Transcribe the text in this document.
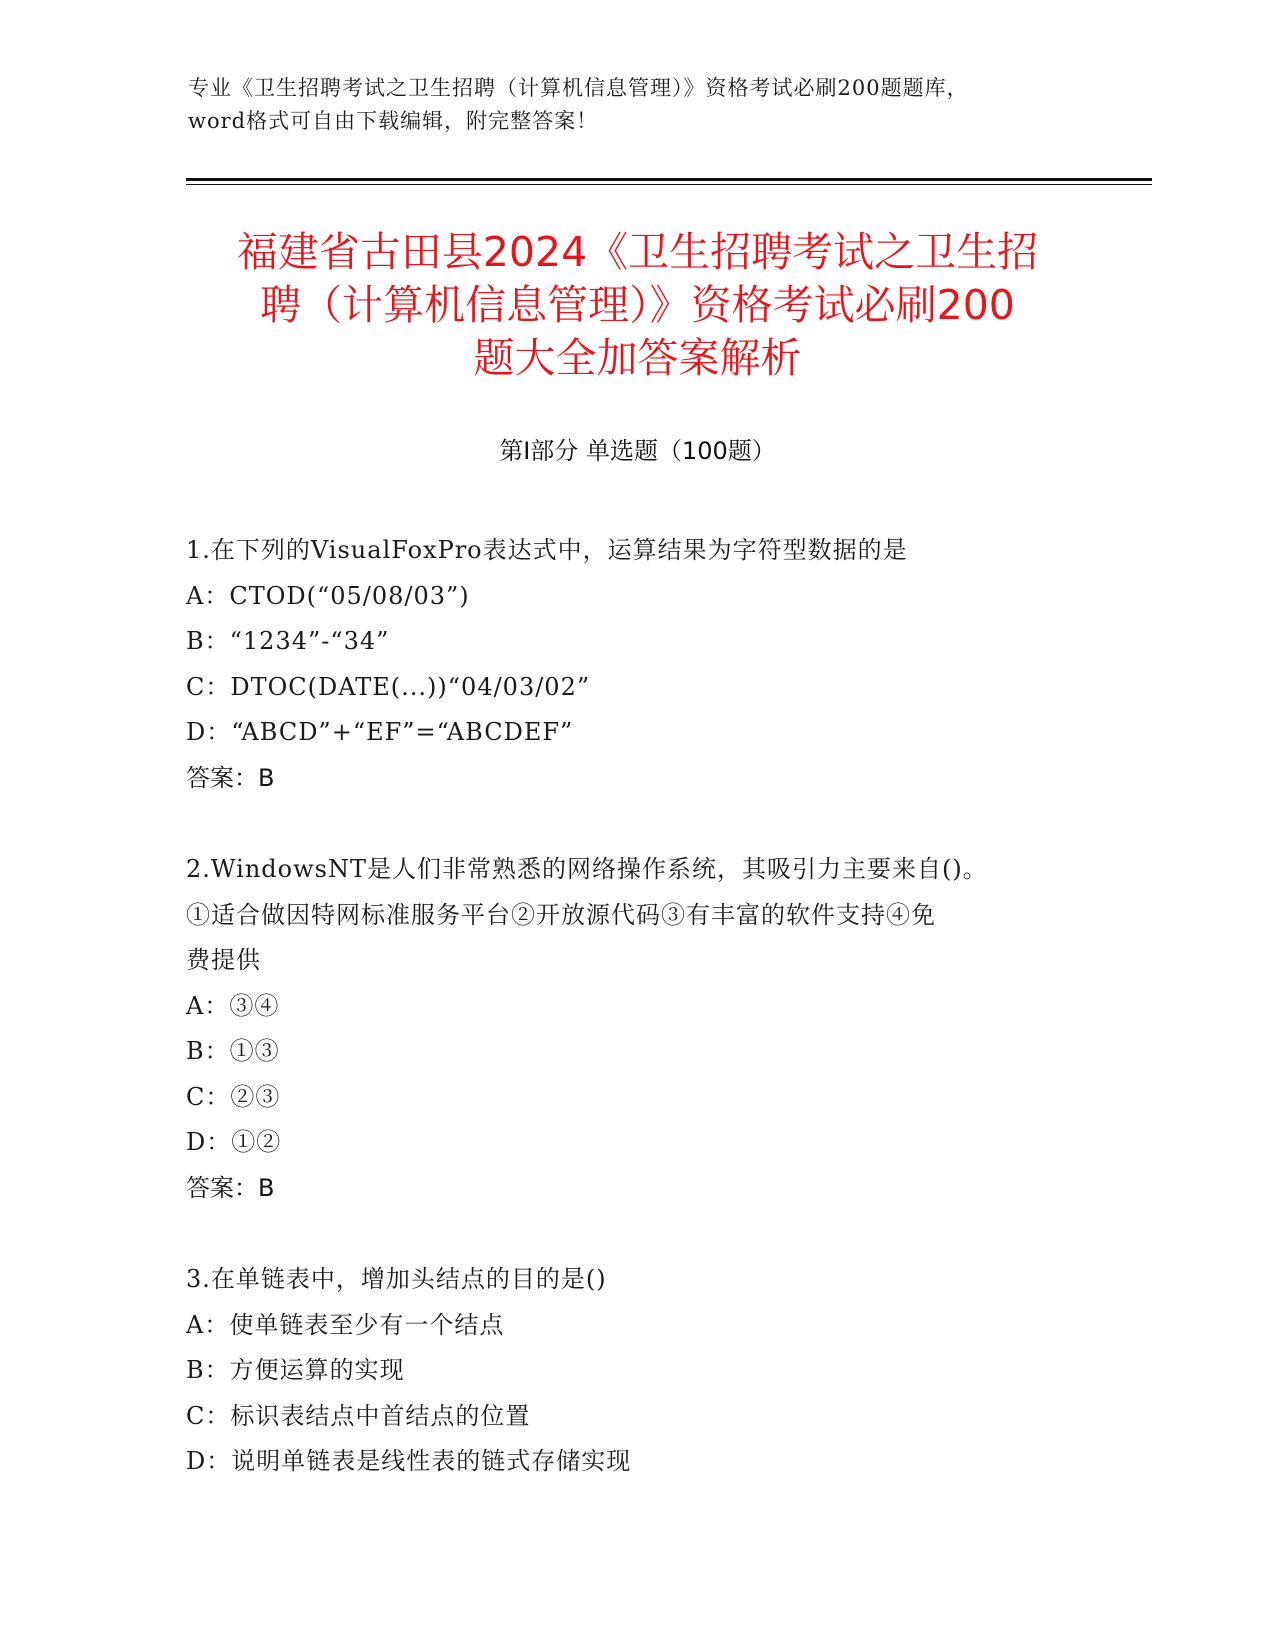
专业《卫生招聘考试之卫生招聘（计算机信息管理）》资格考试必刷200题题库，
word格式可自由下载编辑，附完整答案！
福建省古田县2024《卫生招聘考试之卫生招
聘（计算机信息管理）》资格考试必刷200
题大全加答案解析
第Ⅰ部分 单选题（100题）
1.在下列的VisualFoxPro表达式中，运算结果为字符型数据的是
A：CTOD(“05/08/03”)
B：“1234”-“34”
C：DTOC(DATE(...))“04/03/02”
D：“ABCD”+“EF”=“ABCDEF”
答案：B
2.WindowsNT是人们非常熟悉的网络操作系统，其吸引力主要来自()。
①适合做因特网标准服务平台②开放源代码③有丰富的软件支持④免
费提供
A：③④
B：①③
C：②③
D：①②
答案：B
3.在单链表中，增加头结点的目的是()
A：使单链表至少有一个结点
B：方便运算的实现
C：标识表结点中首结点的位置
D：说明单链表是线性表的链式存储实现
